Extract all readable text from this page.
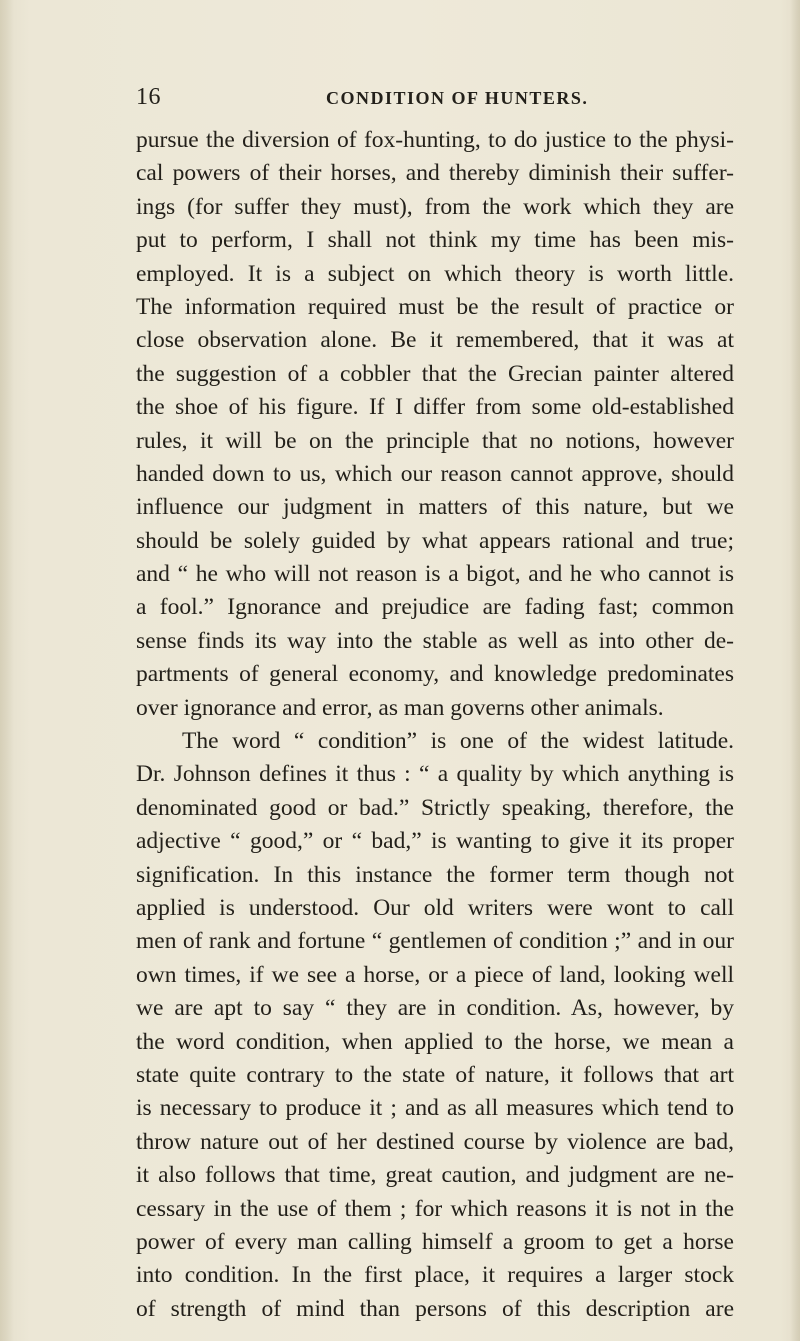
16	CONDITION OF HUNTERS.
pursue the diversion of fox-hunting, to do justice to the physi-
cal powers of their horses, and thereby diminish their suffer-
ings (for suffer they must), from the work which they are
put to perform, I shall not think my time has been mis-
employed. It is a subject on which theory is worth little.
The information required must be the result of practice or
close observation alone. Be it remembered, that it was at
the suggestion of a cobbler that the Grecian painter altered
the shoe of his figure. If I differ from some old-established
rules, it will be on the principle that no notions, however
handed down to us, which our reason cannot approve, should
influence our judgment in matters of this nature, but we
should be solely guided by what appears rational and true;
and “ he who will not reason is a bigot, and he who cannot is
a fool.” Ignorance and prejudice are fading fast; common
sense finds its way into the stable as well as into other de-
partments of general economy, and knowledge predominates
over ignorance and error, as man governs other animals.
The word “ condition” is one of the widest latitude.
Dr. Johnson defines it thus : “ a quality by which anything is
denominated good or bad.” Strictly speaking, therefore, the
adjective “ good,” or “ bad,” is wanting to give it its proper
signification. In this instance the former term though not
applied is understood. Our old writers were wont to call
men of rank and fortune “ gentlemen of condition ;” and in our
own times, if we see a horse, or a piece of land, looking well
we are apt to say “ they are in condition. As, however, by
the word condition, when applied to the horse, we mean a
state quite contrary to the state of nature, it follows that art
is necessary to produce it ; and as all measures which tend to
throw nature out of her destined course by violence are bad,
it also follows that time, great caution, and judgment are ne-
cessary in the use of them ; for which reasons it is not in the
power of every man calling himself a groom to get a horse
into condition. In the first place, it requires a larger stock
of strength of mind than persons of this description are
